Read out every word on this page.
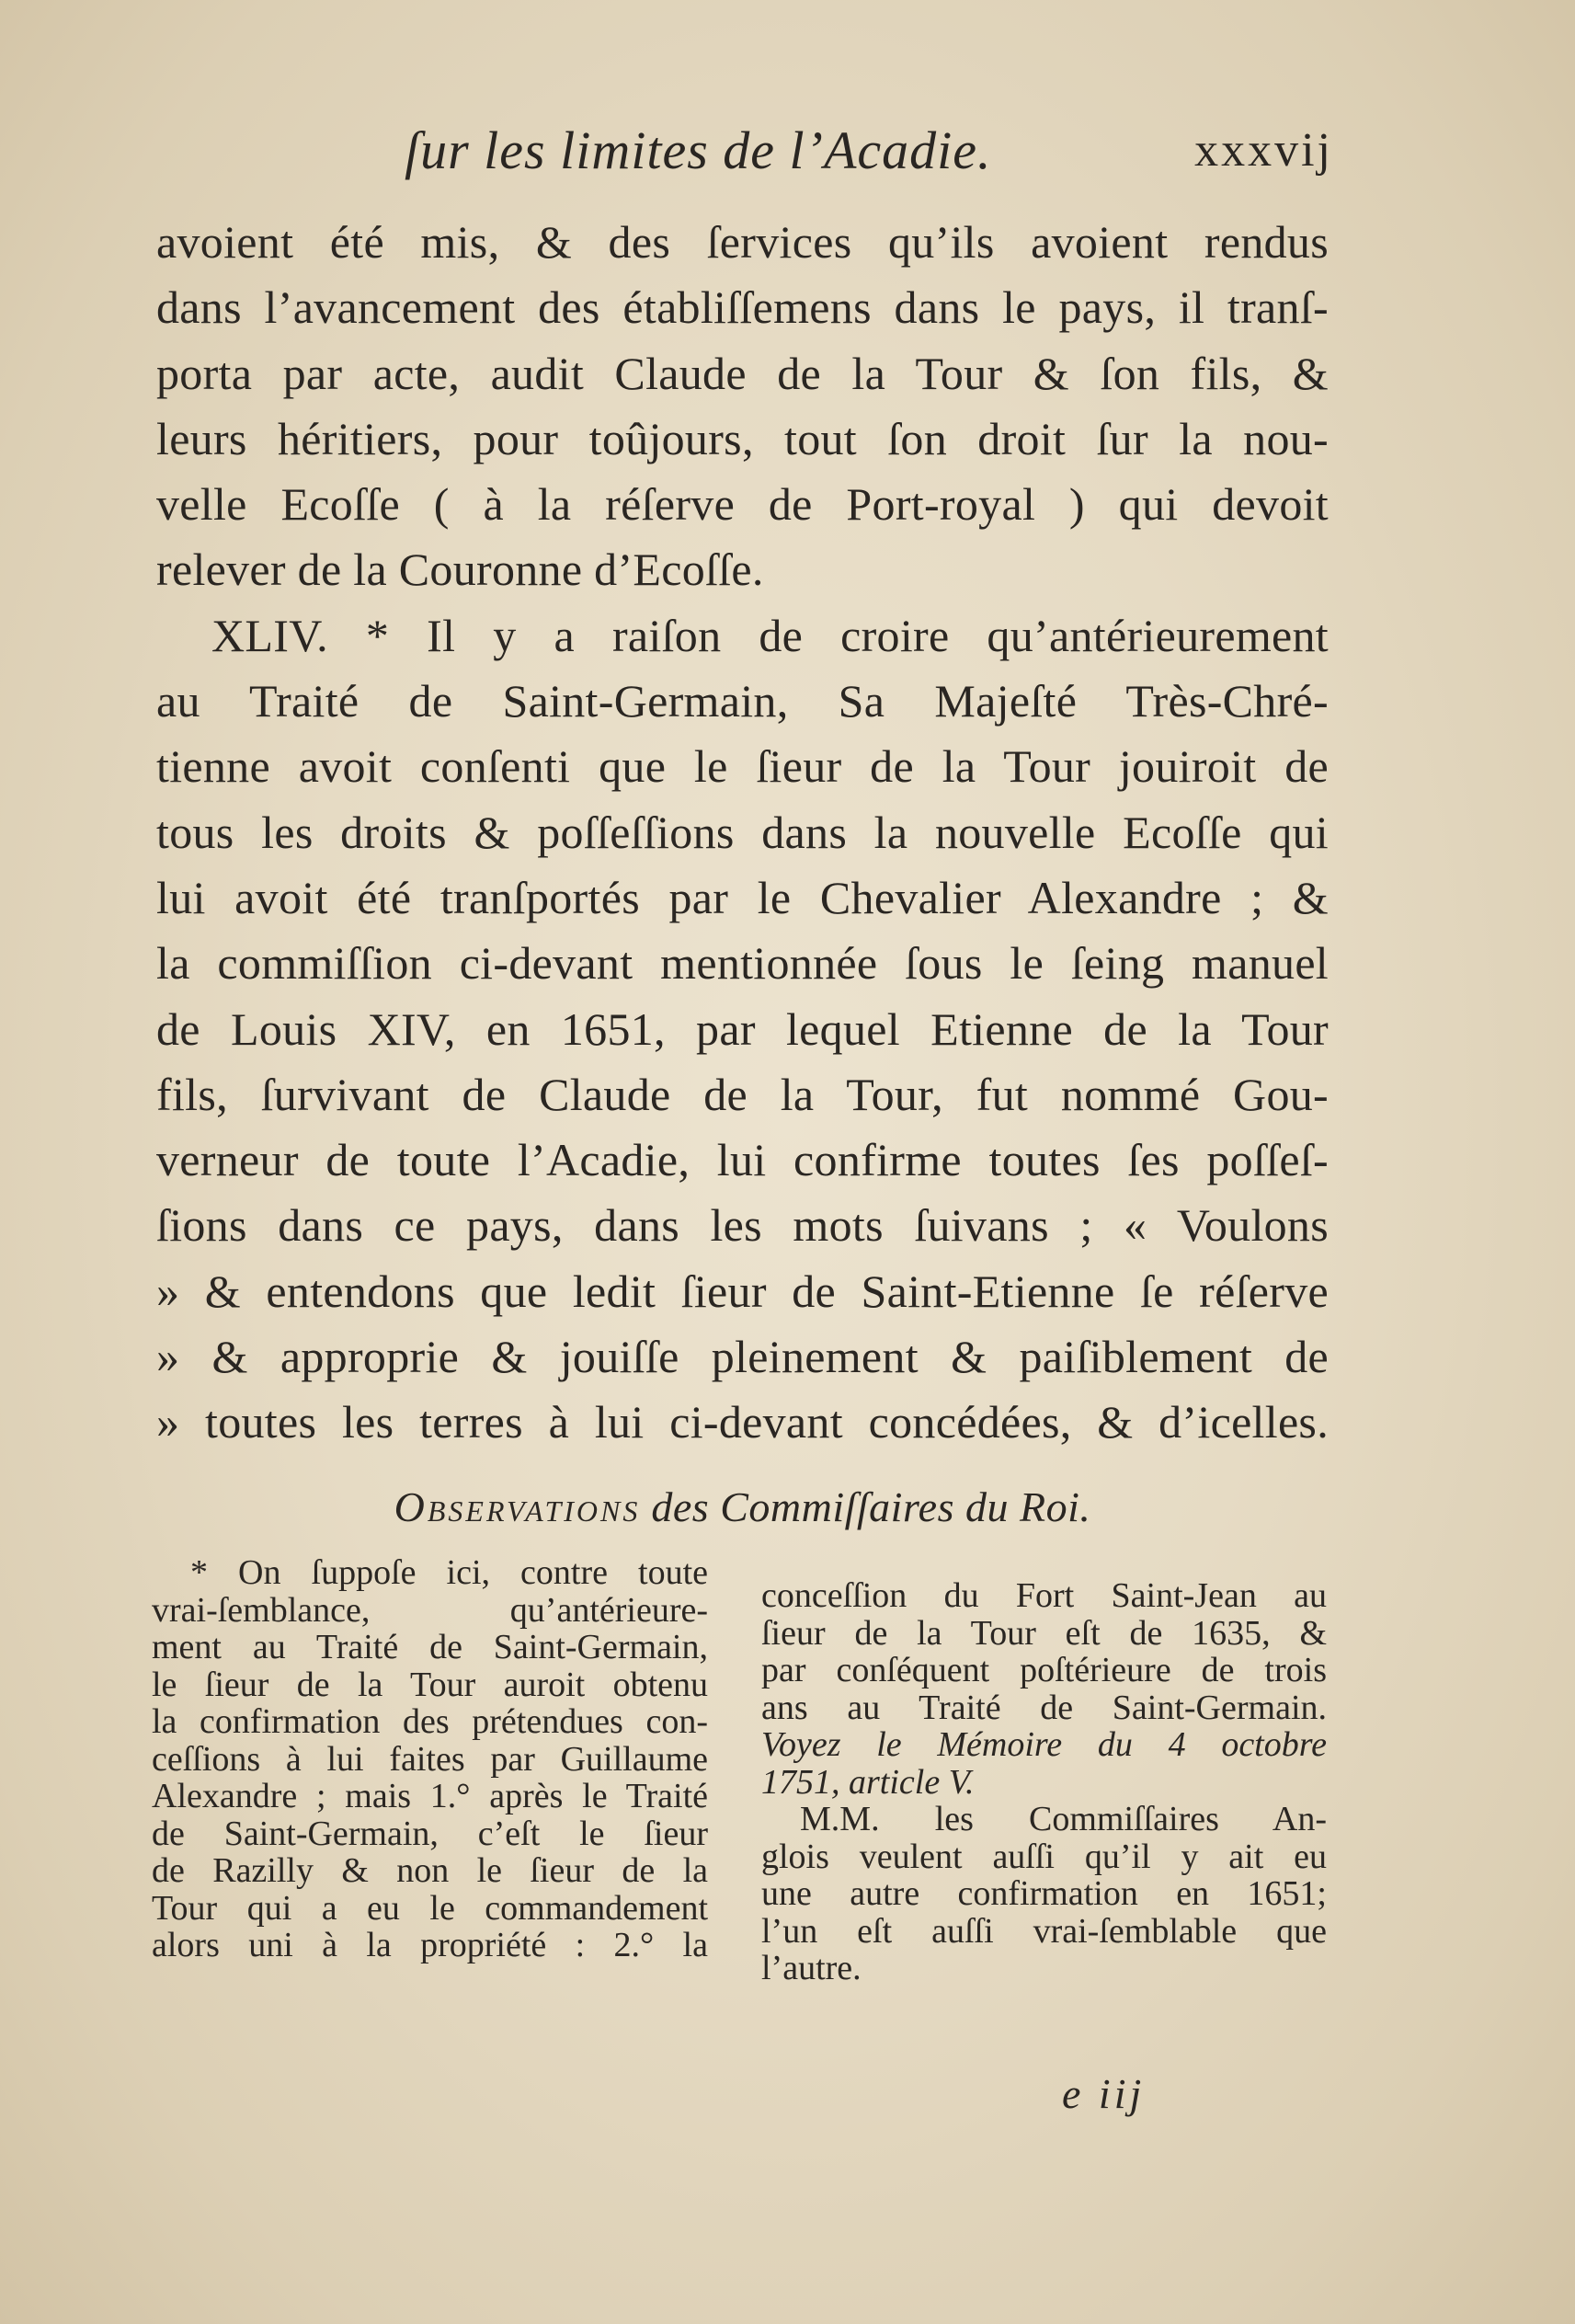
ſur les limites de l’Acadie.	xxxvij
avoient été mis, & des ſervices qu’ils avoient rendus
dans l’avancement des établiſſemens dans le pays, il tranſ-
porta par acte, audit Claude de la Tour & ſon fils, &
leurs héritiers, pour toûjours, tout ſon droit ſur la nou-
velle Ecoſſe ( à la réſerve de Port-royal ) qui devoit
relever de la Couronne d’Ecoſſe.
XLIV. * Il y a raiſon de croire qu’antérieurement
au Traité de Saint-Germain, Sa Majeſté Très-Chré-
tienne avoit conſenti que le ſieur de la Tour jouiroit de
tous les droits & poſſeſſions dans la nouvelle Ecoſſe qui
lui avoit été tranſportés par le Chevalier Alexandre ; &
la commiſſion ci-devant mentionnée ſous le ſeing manuel
de Louis XIV, en 1651, par lequel Etienne de la Tour
fils, ſurvivant de Claude de la Tour, fut nommé Gou-
verneur de toute l’Acadie, lui confirme toutes ſes poſſeſ-
ſions dans ce pays, dans les mots ſuivans ; « Voulons
» & entendons que ledit ſieur de Saint-Etienne ſe réſerve
» & approprie & jouiſſe pleinement & paiſiblement de
» toutes les terres à lui ci-devant concédées, & d’icelles.
Observations des Commiſſaires du Roi.
* On ſuppoſe ici, contre toute
vrai-ſemblance, qu’antérieure-
ment au Traité de Saint-Germain,
le ſieur de la Tour auroit obtenu
la confirmation des prétendues con-
ceſſions à lui faites par Guillaume
Alexandre ; mais 1.° après le Traité
de Saint-Germain, c’eſt le ſieur
de Razilly & non le ſieur de la
Tour qui a eu le commandement
alors uni à la propriété : 2.° la
conceſſion du Fort Saint-Jean au
ſieur de la Tour eſt de 1635, &
par conſéquent poſtérieure de trois
ans au Traité de Saint-Germain.
Voyez le Mémoire du 4 octobre
1751, article V.
M.M. les Commiſſaires An-
glois veulent auſſi qu’il y ait eu
une autre confirmation en 1651;
l’un eſt auſſi vrai-ſemblable que
l’autre.
e iij
